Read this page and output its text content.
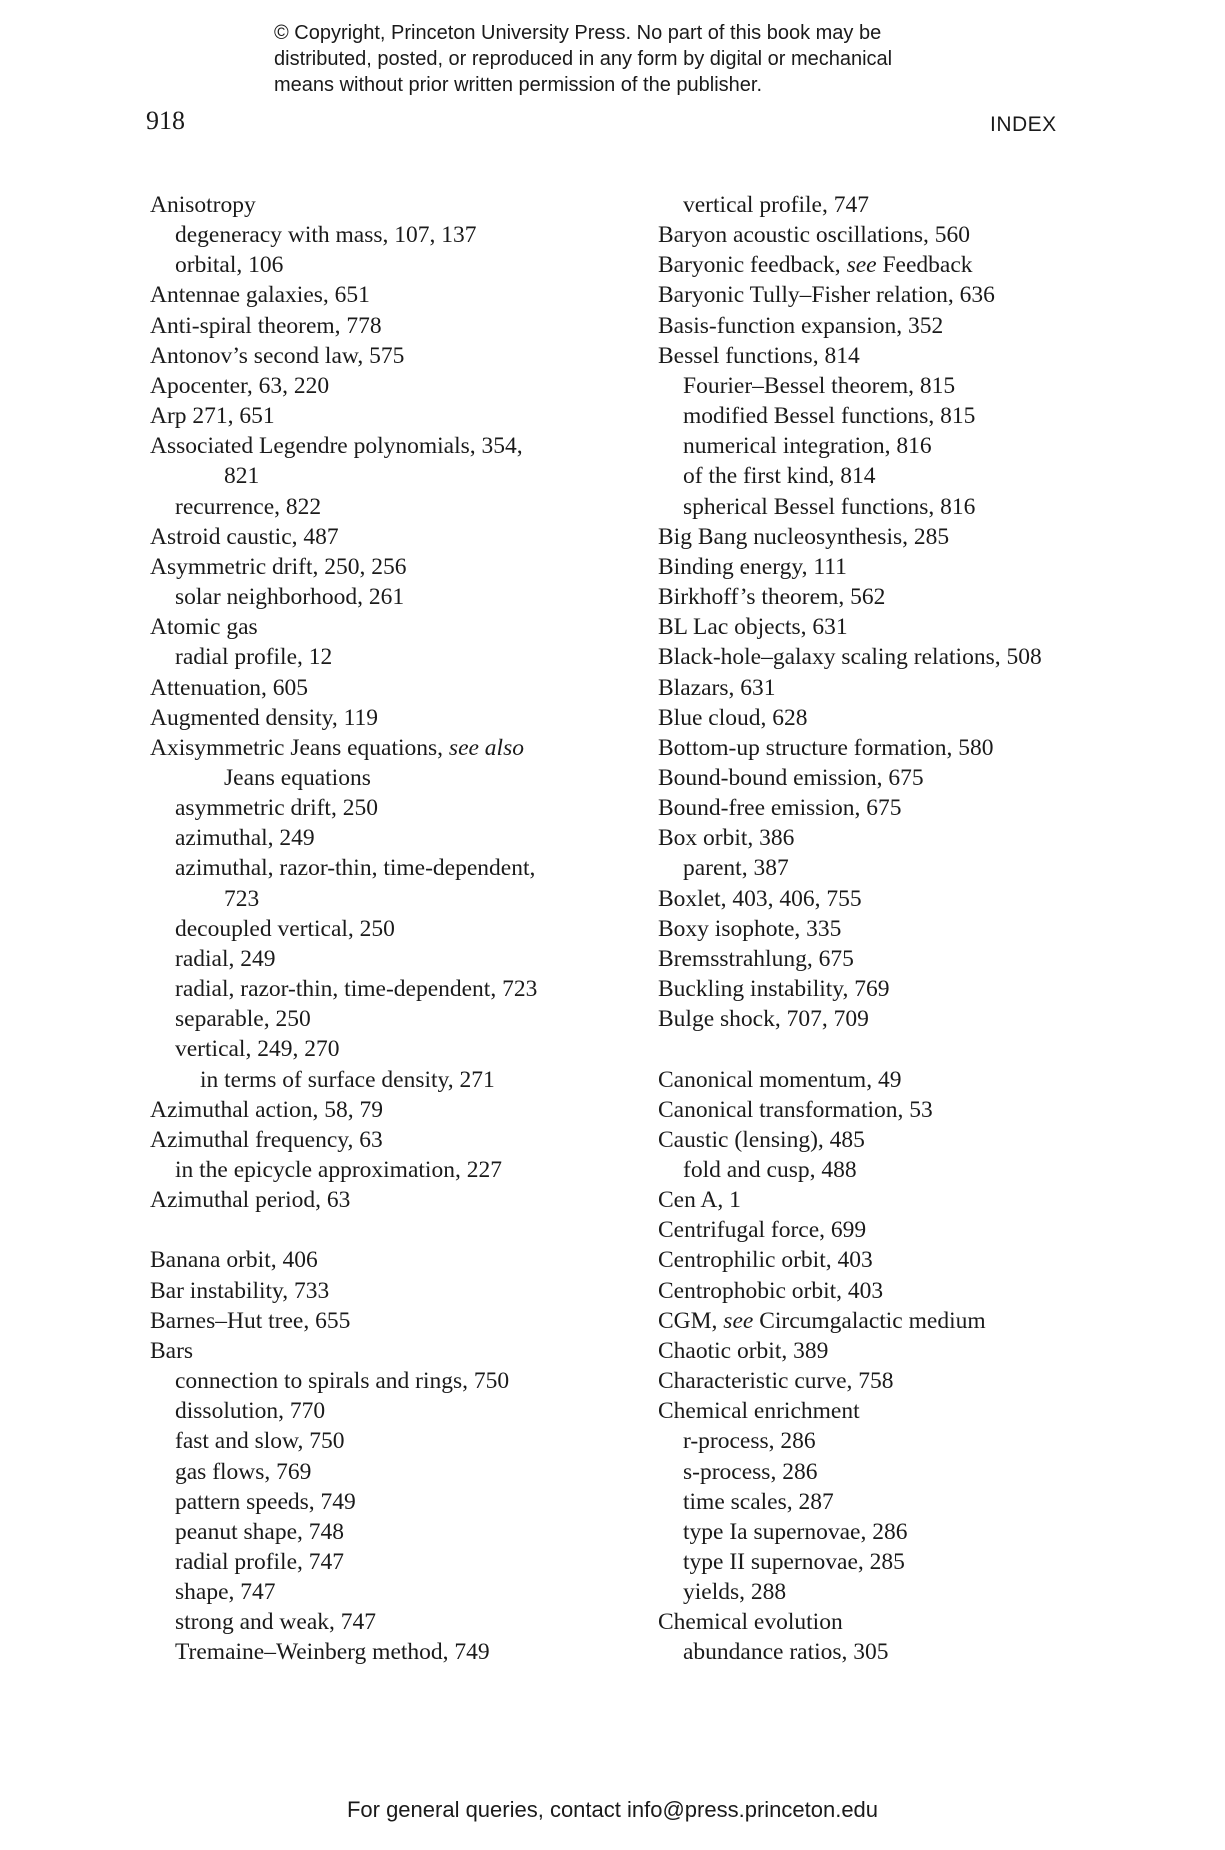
© Copyright, Princeton University Press. No part of this book may be
distributed, posted, or reproduced in any form by digital or mechanical
means without prior written permission of the publisher.
918	INDEX
Anisotropy
degeneracy with mass, 107, 137
orbital, 106
Antennae galaxies, 651
Anti-spiral theorem, 778
Antonov’s second law, 575
Apocenter, 63, 220
Arp 271, 651
Associated Legendre polynomials, 354,
821
recurrence, 822
Astroid caustic, 487
Asymmetric drift, 250, 256
solar neighborhood, 261
Atomic gas
radial profile, 12
Attenuation, 605
Augmented density, 119
Axisymmetric Jeans equations, see also
Jeans equations
asymmetric drift, 250
azimuthal, 249
azimuthal, razor-thin, time-dependent,
723
decoupled vertical, 250
radial, 249
radial, razor-thin, time-dependent, 723
separable, 250
vertical, 249, 270
in terms of surface density, 271
Azimuthal action, 58, 79
Azimuthal frequency, 63
in the epicycle approximation, 227
Azimuthal period, 63
Banana orbit, 406
Bar instability, 733
Barnes–Hut tree, 655
Bars
connection to spirals and rings, 750
dissolution, 770
fast and slow, 750
gas flows, 769
pattern speeds, 749
peanut shape, 748
radial profile, 747
shape, 747
strong and weak, 747
Tremaine–Weinberg method, 749
vertical profile, 747
Baryon acoustic oscillations, 560
Baryonic feedback, see Feedback
Baryonic Tully–Fisher relation, 636
Basis-function expansion, 352
Bessel functions, 814
Fourier–Bessel theorem, 815
modified Bessel functions, 815
numerical integration, 816
of the first kind, 814
spherical Bessel functions, 816
Big Bang nucleosynthesis, 285
Binding energy, 111
Birkhoff’s theorem, 562
BL Lac objects, 631
Black-hole–galaxy scaling relations, 508
Blazars, 631
Blue cloud, 628
Bottom-up structure formation, 580
Bound-bound emission, 675
Bound-free emission, 675
Box orbit, 386
parent, 387
Boxlet, 403, 406, 755
Boxy isophote, 335
Bremsstrahlung, 675
Buckling instability, 769
Bulge shock, 707, 709
Canonical momentum, 49
Canonical transformation, 53
Caustic (lensing), 485
fold and cusp, 488
Cen A, 1
Centrifugal force, 699
Centrophilic orbit, 403
Centrophobic orbit, 403
CGM, see Circumgalactic medium
Chaotic orbit, 389
Characteristic curve, 758
Chemical enrichment
r-process, 286
s-process, 286
time scales, 287
type Ia supernovae, 286
type II supernovae, 285
yields, 288
Chemical evolution
abundance ratios, 305
For general queries, contact info@press.princeton.edu
